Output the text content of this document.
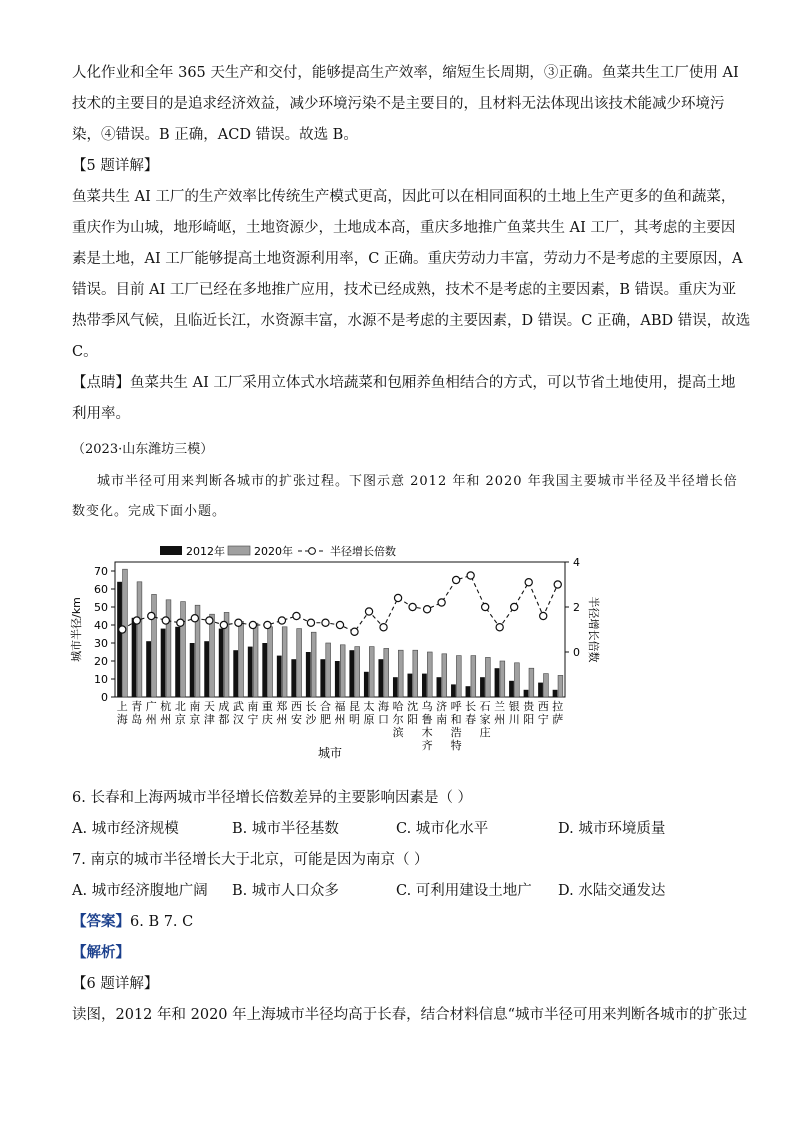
人化作业和全年 365 天生产和交付，能够提高生产效率，缩短生长周期，③正确。鱼菜共生工厂使用 AI
技术的主要目的是追求经济效益，减少环境污染不是主要目的，且材料无法体现出该技术能减少环境污
染，④错误。B 正确，ACD 错误。故选 B。
【5 题详解】
鱼菜共生 AI 工厂的生产效率比传统生产模式更高，因此可以在相同面积的土地上生产更多的鱼和蔬菜，
重庆作为山城，地形崎岖，土地资源少，土地成本高，重庆多地推广鱼菜共生 AI 工厂，其考虑的主要因
素是土地，AI 工厂能够提高土地资源利用率，C 正确。重庆劳动力丰富，劳动力不是考虑的主要原因，A
错误。目前 AI 工厂已经在多地推广应用，技术已经成熟，技术不是考虑的主要因素，B 错误。重庆为亚
热带季风气候，且临近长江，水资源丰富，水源不是考虑的主要因素，D 错误。C 正确，ABD 错误，故选
C。
【点睛】鱼菜共生 AI 工厂采用立体式水培蔬菜和包厢养鱼相结合的方式，可以节省土地使用，提高土地
利用率。
（2023·山东潍坊三模）
城市半径可用来判断各城市的扩张过程。下图示意 2012 年和 2020 年我国主要城市半径及半径增长倍
数变化。完成下面小题。
0
10
20
30
40
50
60
70
0
2
4
城市半径/km	半径增长倍数
城市
上
海
青
岛
广
州
杭
州
北
京
南
京
天
津
成
都
武
汉
南
宁
重
庆
郑
州
西
安
长
沙
合
肥
福
州
昆
明
太
原
海
口
哈
尔
滨
沈
阳
乌
鲁
木
齐
济
南
呼
和
浩
特
长
春
石
家
庄
兰
州
银
川
贵
阳
西
宁
拉
萨
2012年	2020年	半径增长倍数
6. 长春和上海两城市半径增长倍数差异的主要影响因素是（ ）
A. 城市经济规模	B. 城市半径基数	C. 城市化水平	D. 城市环境质量
7. 南京的城市半径增长大于北京，可能是因为南京（ ）
A. 城市经济腹地广阔 B. 城市人口众多	C. 可利用建设土地广 D. 水陆交通发达
【答案】6. B 7. C
【解析】
【6 题详解】
读图，2012 年和 2020 年上海城市半径均高于长春，结合材料信息“城市半径可用来判断各城市的扩张过
